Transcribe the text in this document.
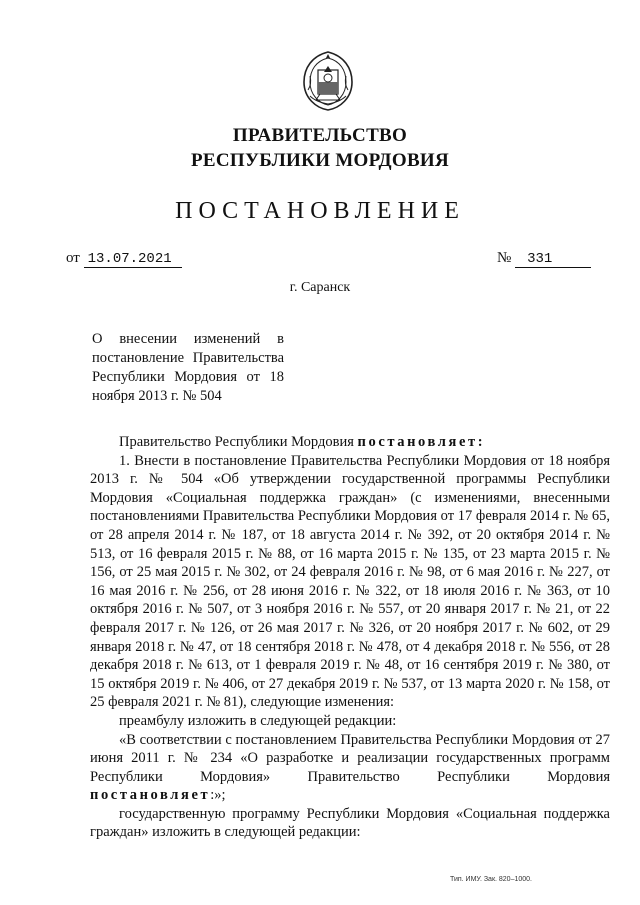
ПРАВИТЕЛЬСТВО
РЕСПУБЛИКИ МОРДОВИЯ
ПОСТАНОВЛЕНИЕ
от 13.07.2021	№ 331
г. Саранск
О внесении изменений в постановление Правительства Республики Мордовия от 18 ноября 2013 г. № 504

Правительство Республики Мордовия постановляет:

1. Внести в постановление Правительства Республики Мордовия от 18 ноября 2013 г. № 504 «Об утверждении государственной программы Республики Мордовия «Социальная поддержка граждан» (с изменениями, внесенными постановлениями Правительства Республики Мордовия от 17 февраля 2014 г. № 65, от 28 апреля 2014 г. № 187, от 18 августа 2014 г. № 392, от 20 октября 2014 г. № 513, от 16 февраля 2015 г. № 88, от 16 марта 2015 г. № 135, от 23 марта 2015 г. № 156, от 25 мая 2015 г. № 302, от 24 февраля 2016 г. № 98, от 6 мая 2016 г. № 227, от 16 мая 2016 г. № 256, от 28 июня 2016 г. № 322, от 18 июля 2016 г. № 363, от 10 октября 2016 г. № 507, от 3 ноября 2016 г. № 557, от 20 января 2017 г. № 21, от 22 февраля 2017 г. № 126, от 26 мая 2017 г. № 326, от 20 ноября 2017 г. № 602, от 29 января 2018 г. № 47, от 18 сентября 2018 г. № 478, от 4 декабря 2018 г. № 556, от 28 декабря 2018 г. № 613, от 1 февраля 2019 г. № 48, от 16 сентября 2019 г. № 380, от 15 октября 2019 г. № 406, от 27 декабря 2019 г. № 537, от 13 марта 2020 г. № 158, от 25 февраля 2021 г. № 81), следующие изменения:

преамбулу изложить в следующей редакции:

«В соответствии с постановлением Правительства Республики Мордовия от 27 июня 2011 г. № 234 «О разработке и реализации государственных программ Республики Мордовия» Правительство Республики Мордовия постановляет:»;

государственную программу Республики Мордовия «Социальная поддержка граждан» изложить в следующей редакции:

Тип. ИМУ. Зак. 820–1000.
